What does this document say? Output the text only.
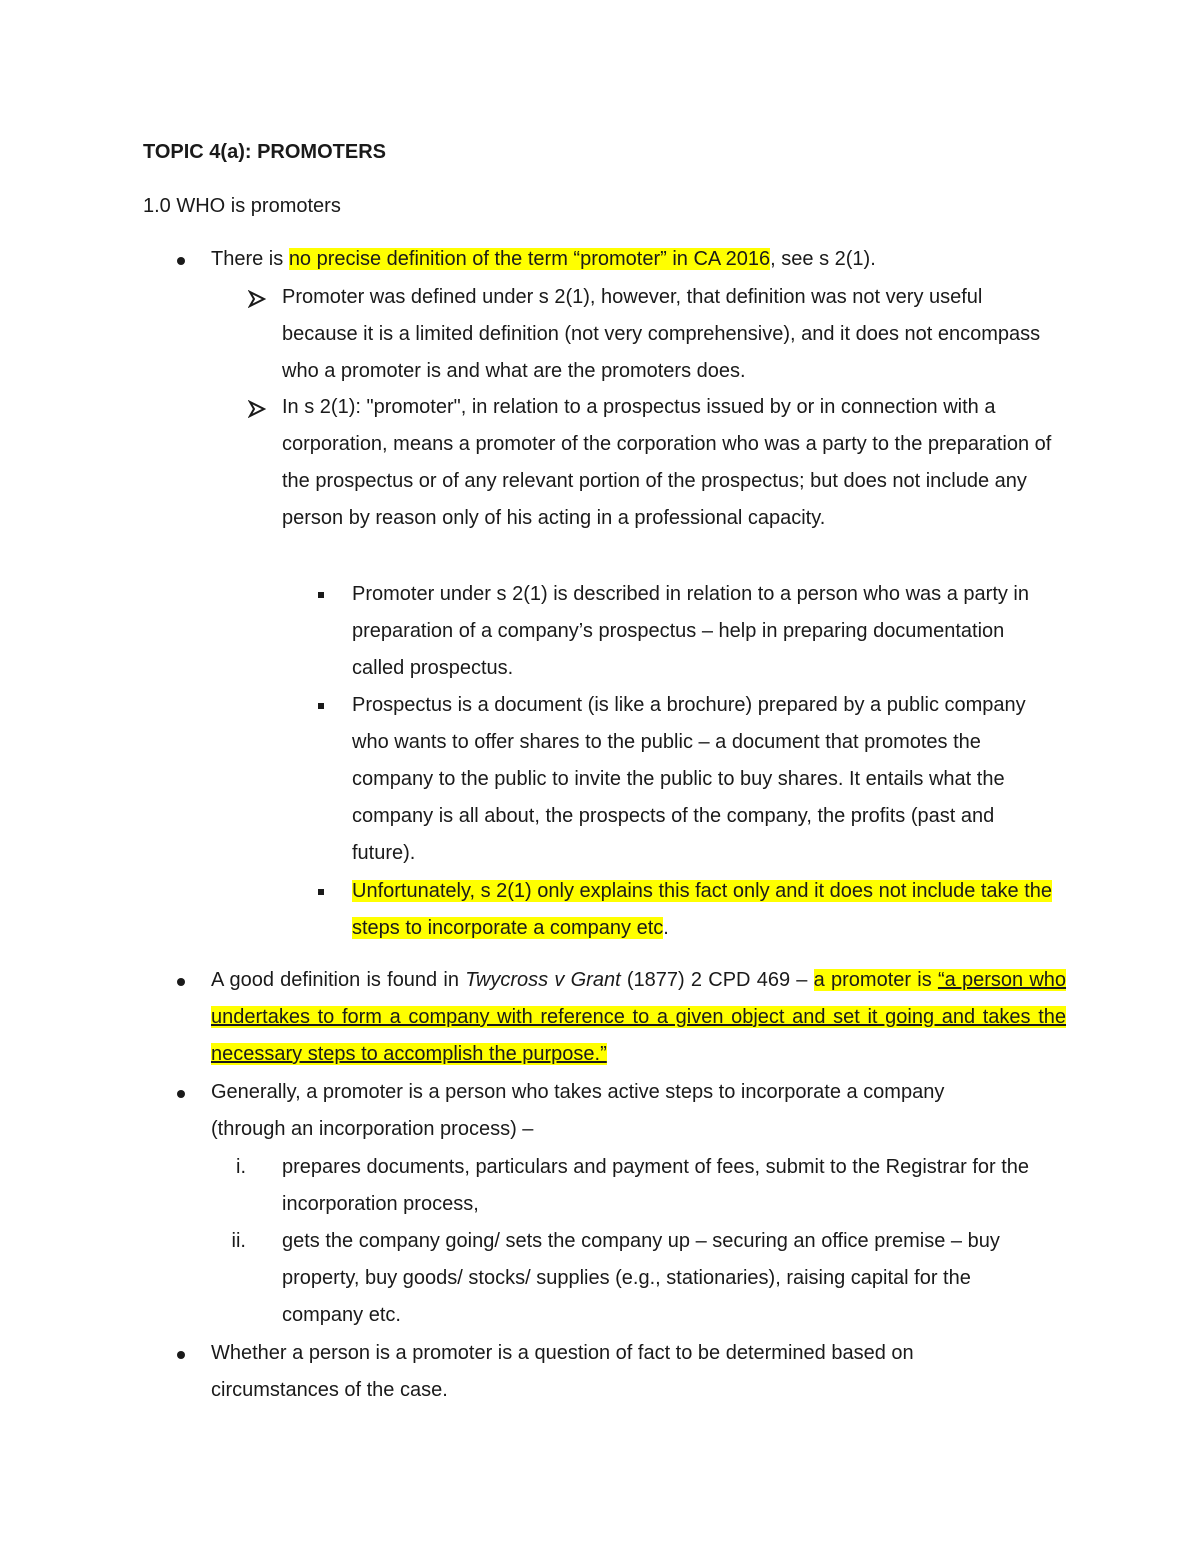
TOPIC 4(a): PROMOTERS

1.0 WHO is promoters

There is no precise definition of the term “promoter” in CA 2016, see s 2(1).

Promoter was defined under s 2(1), however, that definition was not very useful because it is a limited definition (not very comprehensive), and it does not encompass who a promoter is and what are the promoters does.

In s 2(1): "promoter", in relation to a prospectus issued by or in connection with a corporation, means a promoter of the corporation who was a party to the preparation of the prospectus or of any relevant portion of the prospectus; but does not include any person by reason only of his acting in a professional capacity.

Promoter under s 2(1) is described in relation to a person who was a party in preparation of a company’s prospectus – help in preparing documentation called prospectus.

Prospectus is a document (is like a brochure) prepared by a public company who wants to offer shares to the public – a document that promotes the company to the public to invite the public to buy shares. It entails what the company is all about, the prospects of the company, the profits (past and future).

Unfortunately, s 2(1) only explains this fact only and it does not include take the steps to incorporate a company etc.

A good definition is found in Twycross v Grant (1877) 2 CPD 469 – a promoter is “a person who undertakes to form a company with reference to a given object and set it going and takes the necessary steps to accomplish the purpose.”

Generally, a promoter is a person who takes active steps to incorporate a company (through an incorporation process) –

i. prepares documents, particulars and payment of fees, submit to the Registrar for the incorporation process,

ii. gets the company going/ sets the company up – securing an office premise – buy property, buy goods/ stocks/ supplies (e.g., stationaries), raising capital for the company etc.

Whether a person is a promoter is a question of fact to be determined based on circumstances of the case.
